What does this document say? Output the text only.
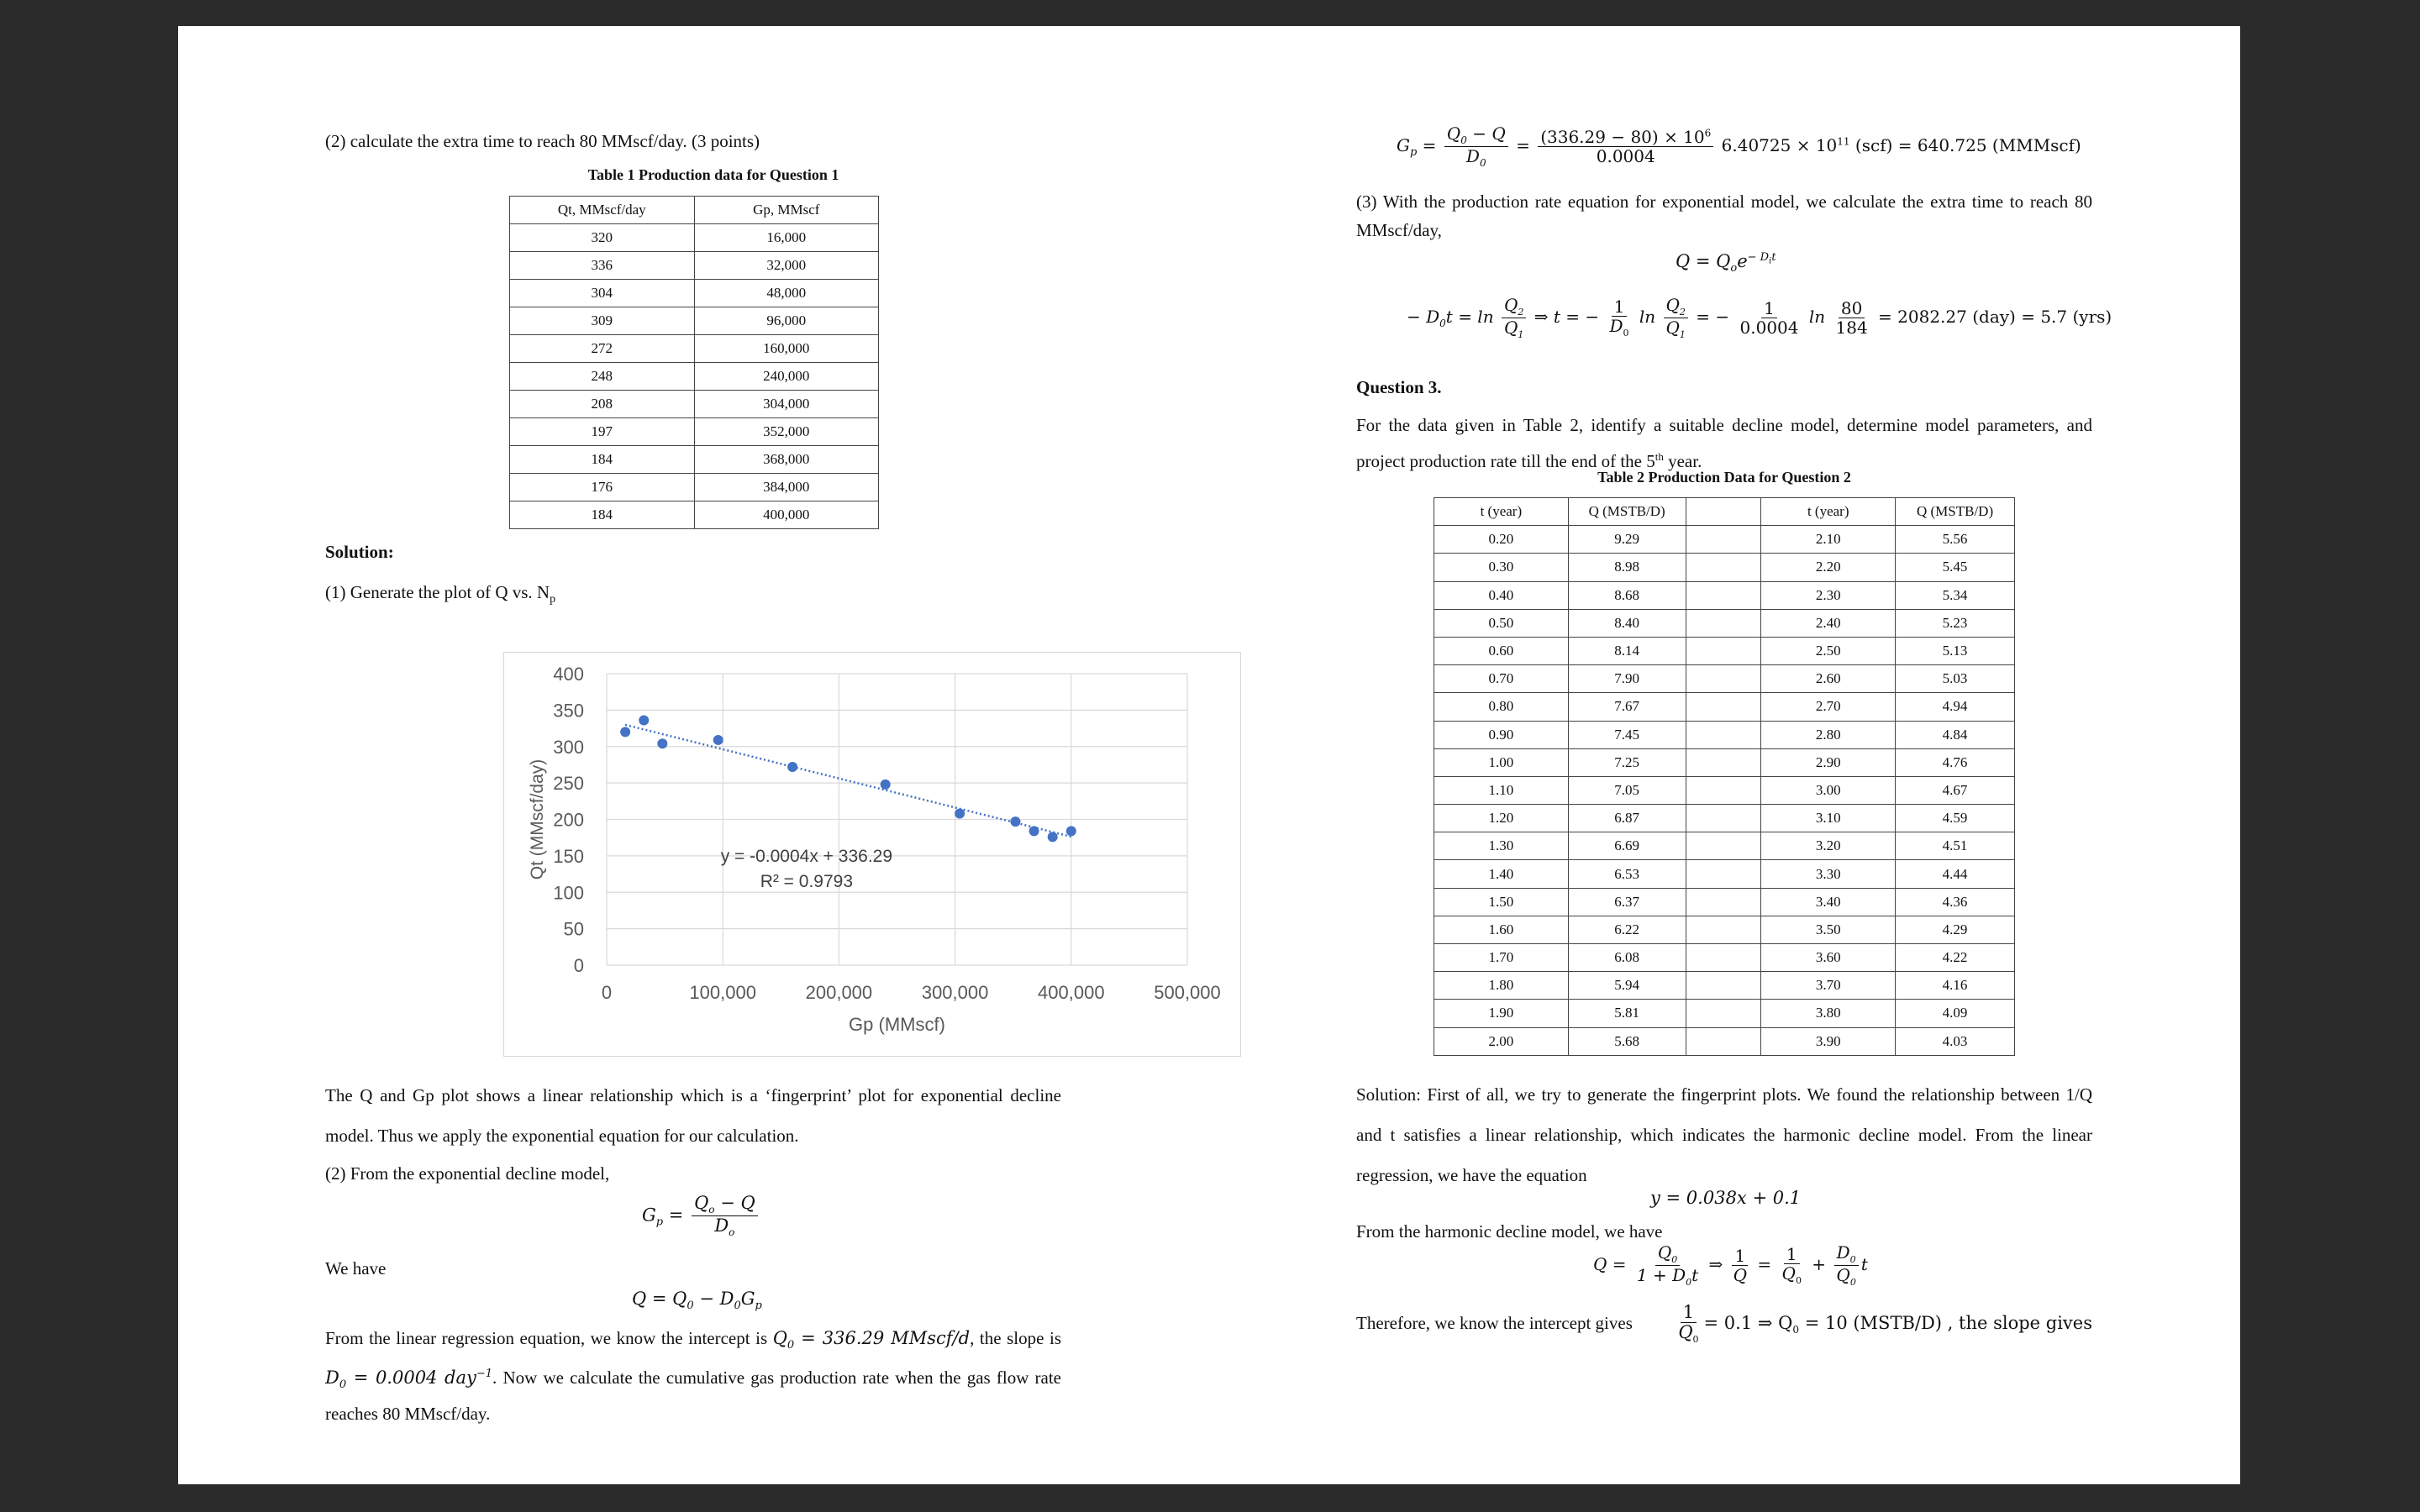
(2) calculate the extra time to reach 80 MMscf/day. (3 points)
Table 1 Production data for Question 1
Qt, MMscf/day	Gp, MMscf
320	16,000
336	32,000
304	48,000
309	96,000
272	160,000
248	240,000
208	304,000
197	352,000
184	368,000
176	384,000
184	400,000
Solution:
(1) Generate the plot of Q vs. $N_p$
0
50
100
150
200
250
300
350
400
0	100,000	200,000	300,000	400,000	500,000
Gp (MMscf)
Qt (MMscf/day)	y = -0.0004x + 336.29
R² = 0.9793
The Q and Gp plot shows a linear relationship which is a ‘fingerprint’ plot for exponential decline model. Thus we apply the exponential equation for our calculation.
(2) From the exponential decline model,
$G_p = \frac{Q_o - Q}{D_o}$
We have
$Q = Q_0 - D_0G_p$
From the linear regression equation, we know the intercept is $Q_0 = 336.29$ MMscf/d, the slope is $D_0 = 0.0004$ day$^{-1}$. Now we calculate the cumulative gas production rate when the gas flow rate reaches 80 MMscf/day.
$G_p = \frac{Q_0 - Q}{D_0} = \frac{(336.29 - 80) \times 10^6}{0.0004} 6.40725 \times 10^{11}$ (scf) = 640.725 (MMMscf)
(3) With the production rate equation for exponential model, we calculate the extra time to reach 80 MMscf/day,
$Q = Q_oe^{- D_it}$
− $D_0t = \ln \frac{Q_2}{Q_1}$ ⇒ t = − $\frac{1}{D_0}$ $\ln \frac{Q_2}{Q_1}$ = − $\frac{1}{0.0004}$ $\ln \frac{80}{184} = 2082.27$ (day) = 5.7 (yrs)
Question 3.
For the data given in Table 2, identify a suitable decline model, determine model parameters, and project production rate till the end of the 5th year.
Table 2 Production Data for Question 2
t (year)	Q (MSTB/D)		t (year)	Q (MSTB/D)
0.20	9.29		2.10	5.56
0.30	8.98		2.20	5.45
0.40	8.68		2.30	5.34
0.50	8.40		2.40	5.23
0.60	8.14		2.50	5.13
0.70	7.90		2.60	5.03
0.80	7.67		2.70	4.94
0.90	7.45		2.80	4.84
1.00	7.25		2.90	4.76
1.10	7.05		3.00	4.67
1.20	6.87		3.10	4.59
1.30	6.69		3.20	4.51
1.40	6.53		3.30	4.44
1.50	6.37		3.40	4.36
1.60	6.22		3.50	4.29
1.70	6.08		3.60	4.22
1.80	5.94		3.70	4.16
1.90	5.81		3.80	4.09
2.00	5.68		3.90	4.03
Solution: First of all, we try to generate the fingerprint plots. We found the relationship between 1/Q and t satisfies a linear relationship, which indicates the harmonic decline model. From the linear regression, we have the equation
y = 0.038x + 0.1
From the harmonic decline model, we have
$Q = \frac{Q_0}{1 + D_0t}$ ⇒ $\frac{1}{Q} = \frac{1}{Q_0} + \frac{D_0}{Q_0}$ t
Therefore, we know the intercept gives $\frac{1}{Q_0} = 0.1$ ⇒ $Q_0 = 10$ (MSTB/D) , the slope gives
